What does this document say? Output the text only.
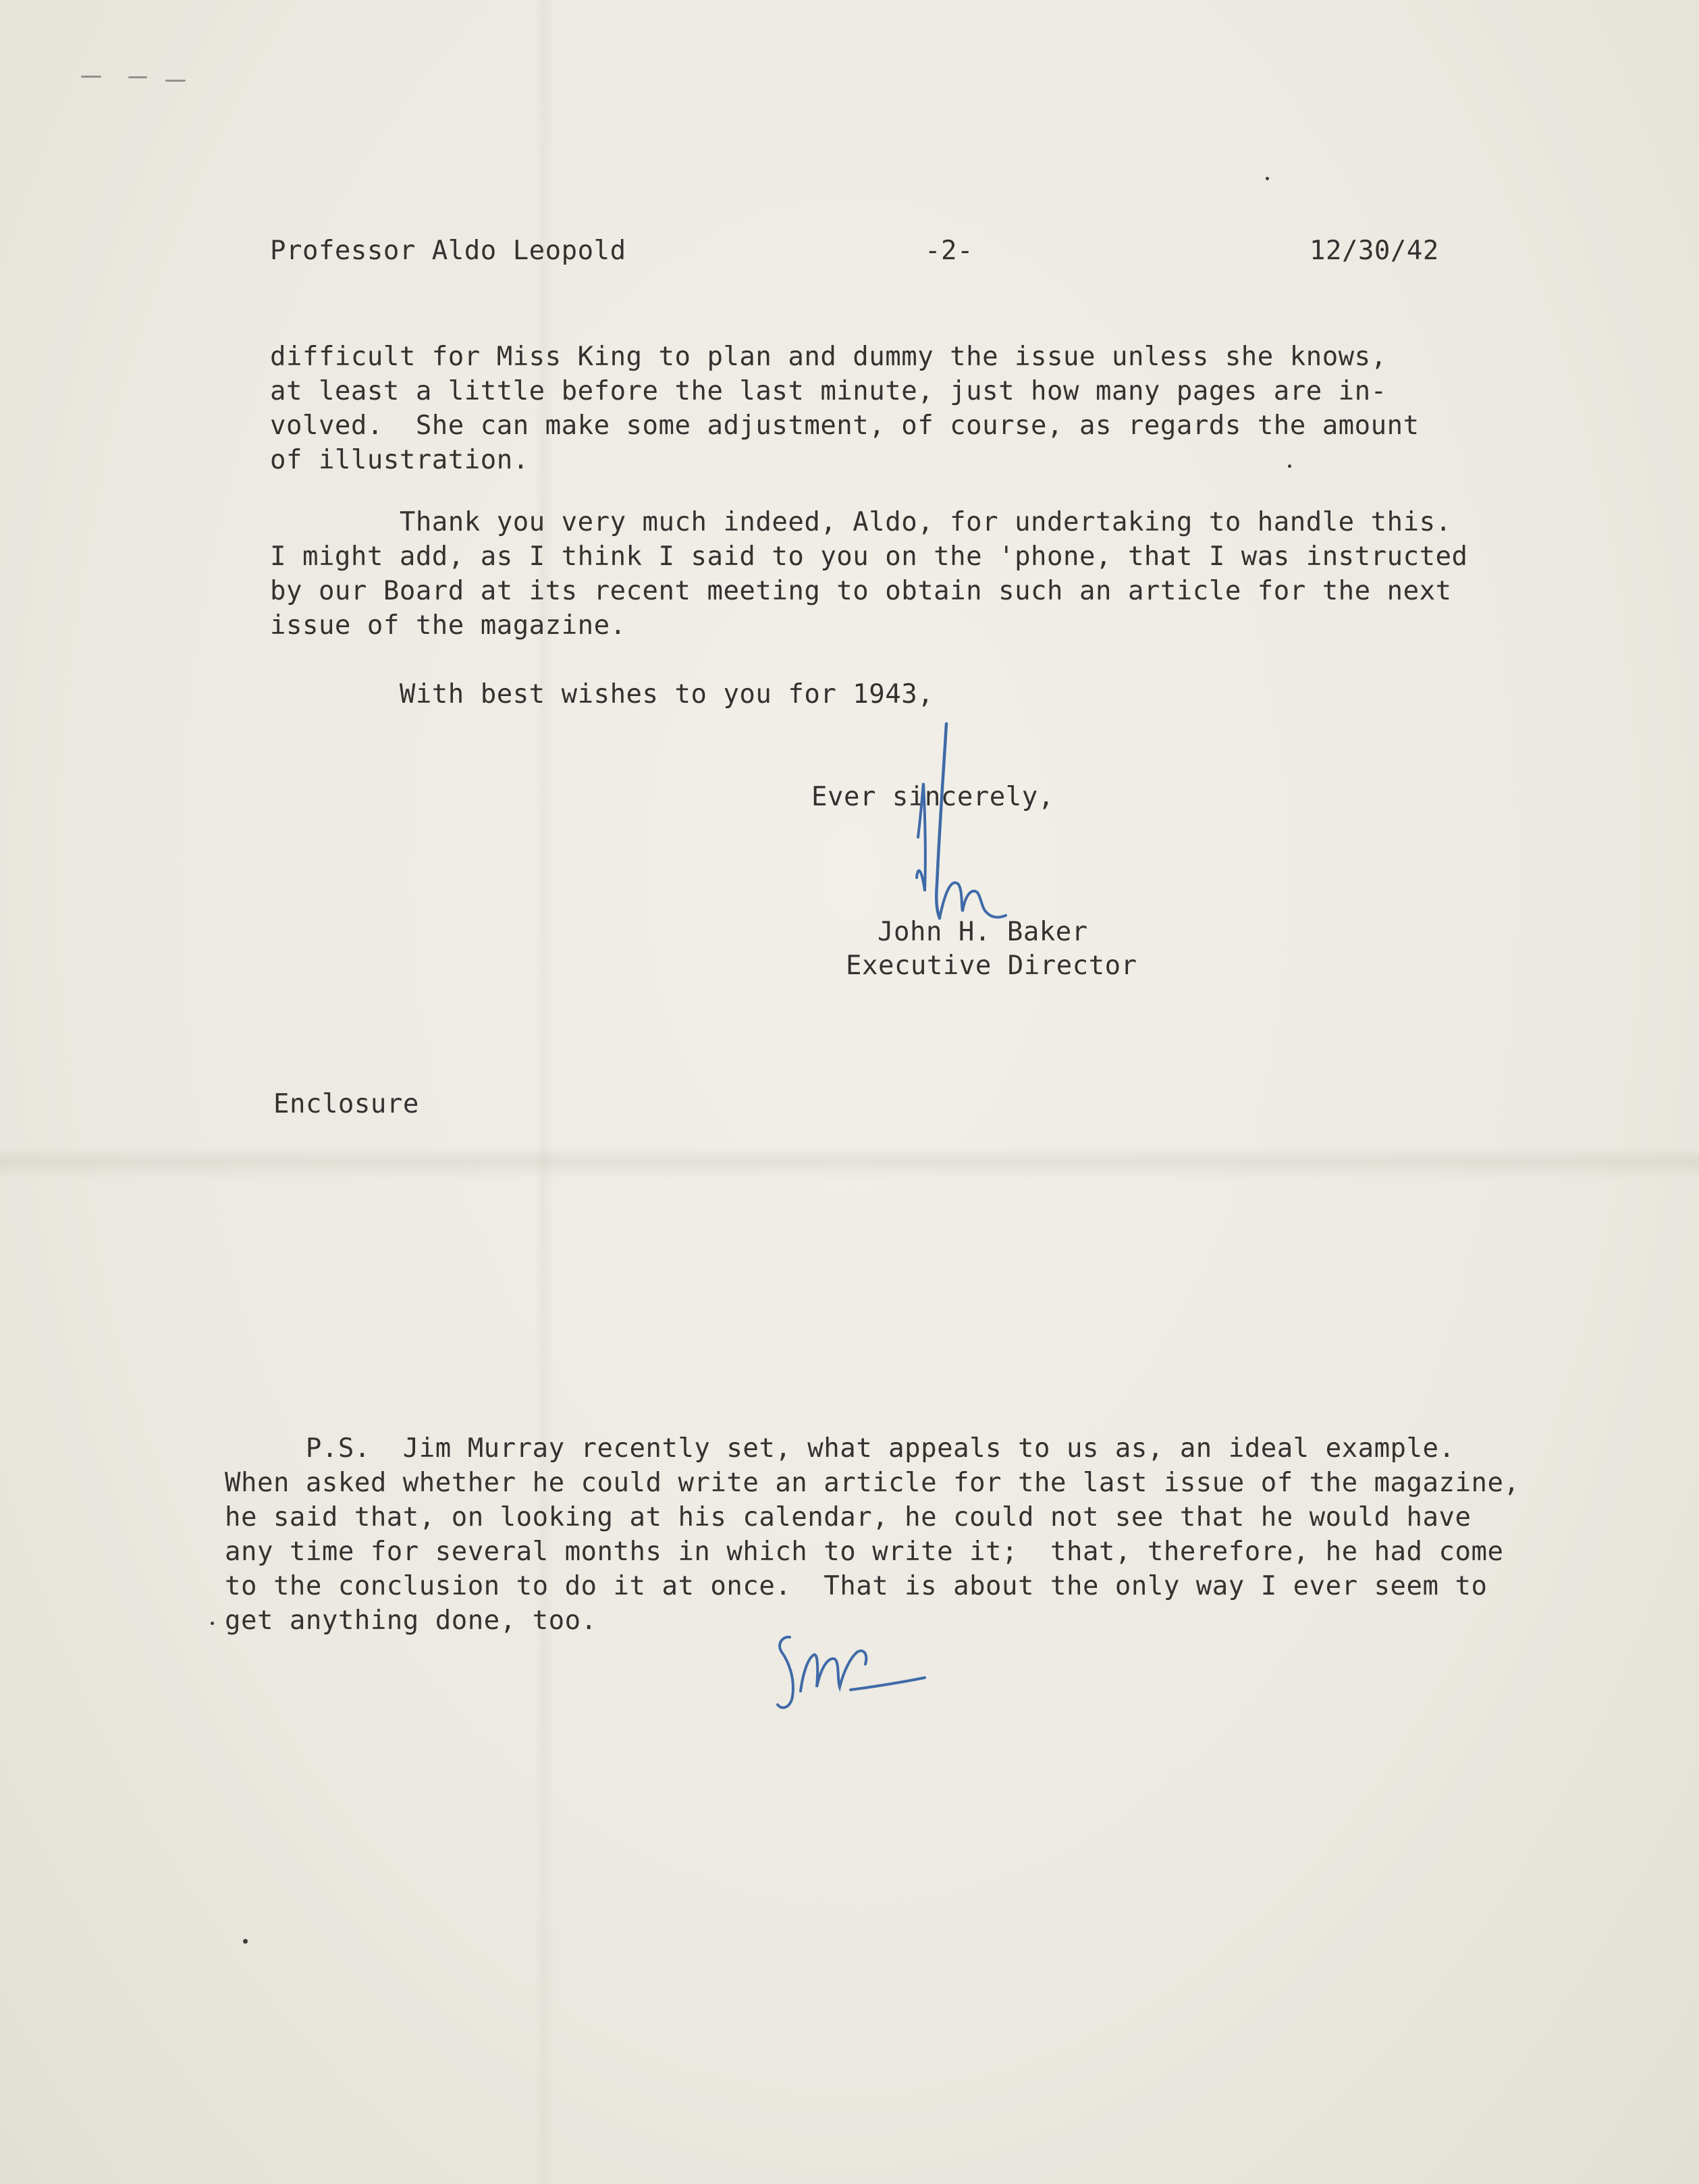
Professor Aldo Leopold	-2-	12/30/42

difficult for Miss King to plan and dummy the issue unless she knows,
at least a little before the last minute, just how many pages are in-
volved.  She can make some adjustment, of course, as regards the amount
of illustration.

Thank you very much indeed, Aldo, for undertaking to handle this.
I might add, as I think I said to you on the 'phone, that I was instructed
by our Board at its recent meeting to obtain such an article for the next
issue of the magazine.

With best wishes to you for 1943,

Ever sincerely,

John H. Baker

Executive Director

Enclosure

P.S.  Jim Murray recently set, what appeals to us as, an ideal example.
When asked whether he could write an article for the last issue of the magazine,
he said that, on looking at his calendar, he could not see that he would have
any time for several months in which to write it;  that, therefore, he had come
to the conclusion to do it at once.  That is about the only way I ever seem to
get anything done, too.
